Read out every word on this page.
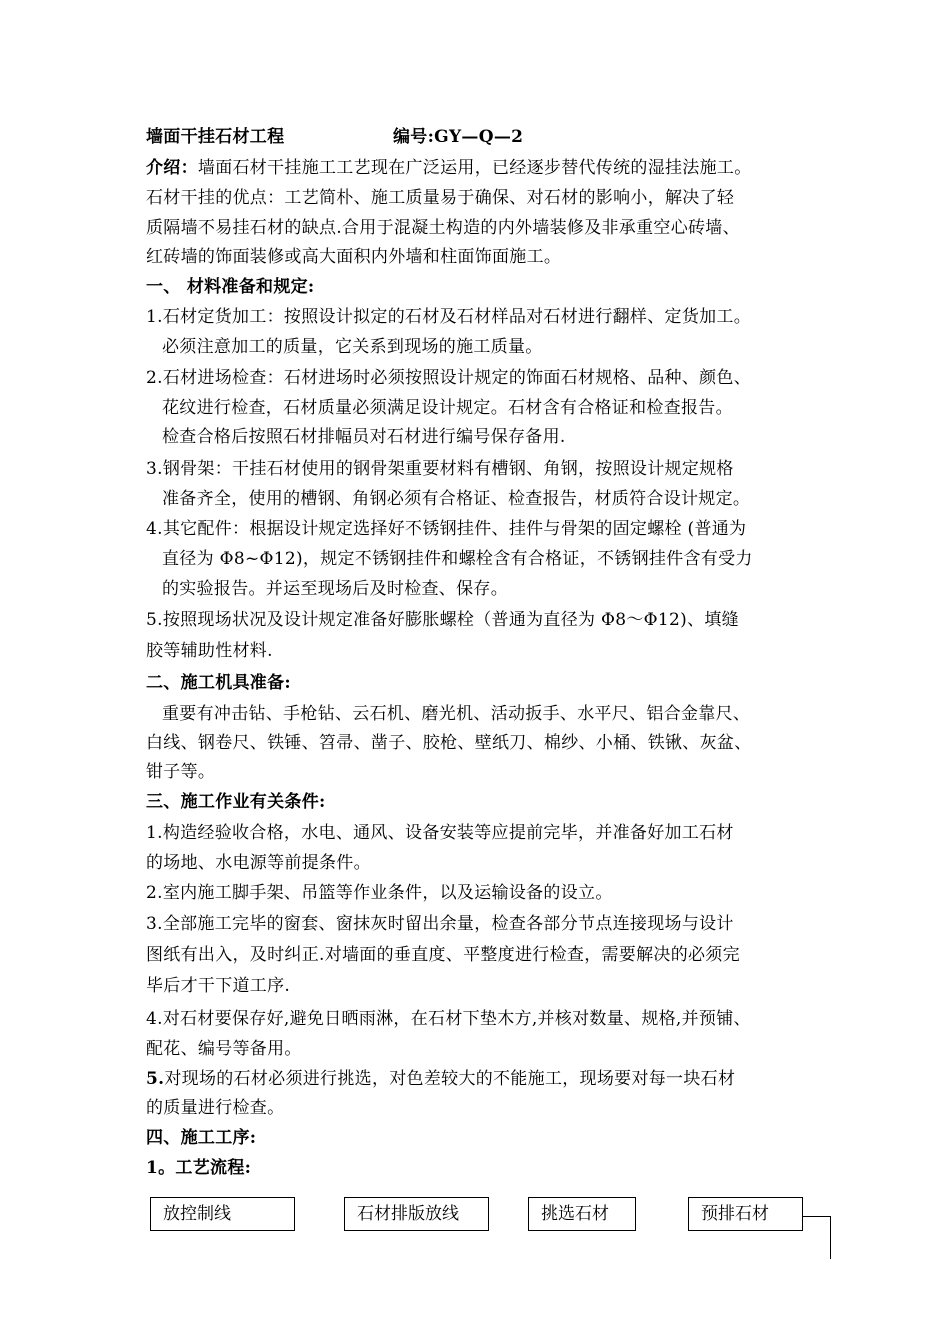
墙面干挂石材工程	编号:GY—Q—2
介绍：墙面石材干挂施工工艺现在广泛运用，已经逐步替代传统的湿挂法施工。
石材干挂的优点：工艺简朴、施工质量易于确保、对石材的影响小，解决了轻
质隔墙不易挂石材的缺点.合用于混凝土构造的内外墙装修及非承重空心砖墙、
红砖墙的饰面装修或高大面积内外墙和柱面饰面施工。
一、 材料准备和规定:
1.石材定货加工：按照设计拟定的石材及石材样品对石材进行翻样、定货加工。
必须注意加工的质量，它关系到现场的施工质量。
2.石材进场检查：石材进场时必须按照设计规定的饰面石材规格、品种、颜色、
花纹进行检查，石材质量必须满足设计规定。石材含有合格证和检查报告。
检查合格后按照石材排幅员对石材进行编号保存备用.
3.钢骨架：干挂石材使用的钢骨架重要材料有槽钢、角钢，按照设计规定规格
准备齐全，使用的槽钢、角钢必须有合格证、检查报告，材质符合设计规定。
4.其它配件：根据设计规定选择好不锈钢挂件、挂件与骨架的固定螺栓 (普通为
直径为 Φ8~Φ12)，规定不锈钢挂件和螺栓含有合格证，不锈钢挂件含有受力
的实验报告。并运至现场后及时检查、保存。
5.按照现场状况及设计规定准备好膨胀螺栓（普通为直径为 Φ8～Φ12)、填缝
胶等辅助性材料.
二、施工机具准备:
重要有冲击钻、手枪钻、云石机、磨光机、活动扳手、水平尺、铝合金靠尺、
白线、钢卷尺、铁锤、笤帚、凿子、胶枪、壁纸刀、棉纱、小桶、铁锹、灰盆、
钳子等。
三、施工作业有关条件:
1.构造经验收合格，水电、通风、设备安装等应提前完毕，并准备好加工石材
的场地、水电源等前提条件。
2.室内施工脚手架、吊篮等作业条件，以及运输设备的设立。
3.全部施工完毕的窗套、窗抹灰时留出余量，检查各部分节点连接现场与设计
图纸有出入，及时纠正.对墙面的垂直度、平整度进行检查，需要解决的必须完
毕后才干下道工序.
4.对石材要保存好,避免日晒雨淋，在石材下垫木方,并核对数量、规格,并预铺、
配花、编号等备用。
5.对现场的石材必须进行挑选，对色差较大的不能施工，现场要对每一块石材
的质量进行检查。
四、施工工序:
1。工艺流程:
放控制线	石材排版放线	挑选石材	预排石材
